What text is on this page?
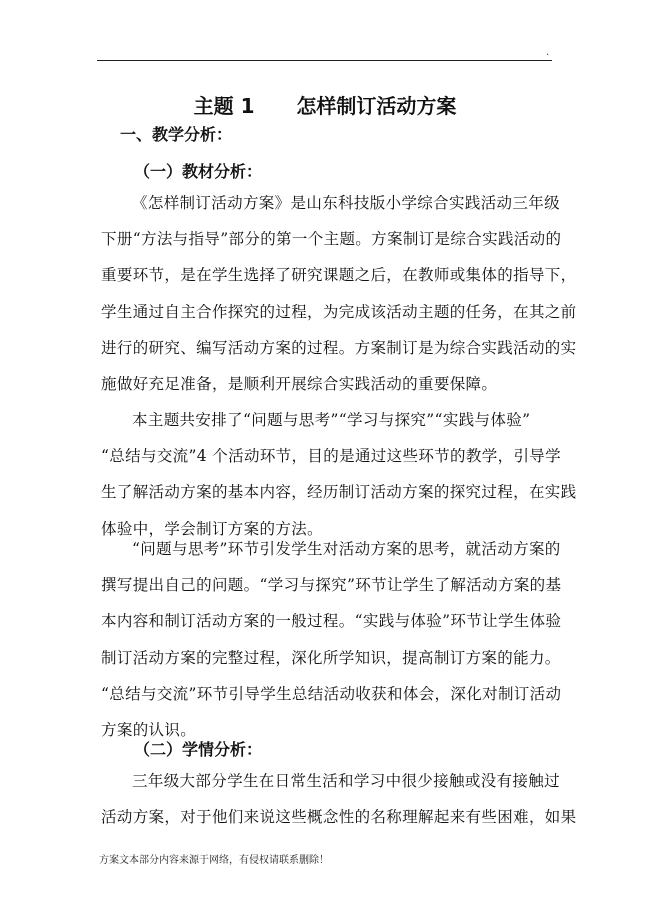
.
主题 1      怎样制订活动方案
一、教学分析：
（一）教材分析：
《怎样制订活动方案》是山东科技版小学综合实践活动三年级
下册“方法与指导”部分的第一个主题。方案制订是综合实践活动的
重要环节，是在学生选择了研究课题之后，在教师或集体的指导下，
学生通过自主合作探究的过程，为完成该活动主题的任务，在其之前
进行的研究、编写活动方案的过程。方案制订是为综合实践活动的实
施做好充足准备，是顺利开展综合实践活动的重要保障。
本主题共安排了“问题与思考”“学习与探究”“实践与体验”
“总结与交流”4 个活动环节，目的是通过这些环节的教学，引导学
生了解活动方案的基本内容，经历制订活动方案的探究过程，在实践
体验中，学会制订方案的方法。
“问题与思考”环节引发学生对活动方案的思考，就活动方案的
撰写提出自己的问题。“学习与探究”环节让学生了解活动方案的基
本内容和制订活动方案的一般过程。“实践与体验”环节让学生体验
制订活动方案的完整过程，深化所学知识，提高制订方案的能力。
“总结与交流”环节引导学生总结活动收获和体会，深化对制订活动
方案的认识。
（二）学情分析：
三年级大部分学生在日常生活和学习中很少接触或没有接触过
活动方案，对于他们来说这些概念性的名称理解起来有些困难，如果
方案文本部分内容来源于网络，有侵权请联系删除！
